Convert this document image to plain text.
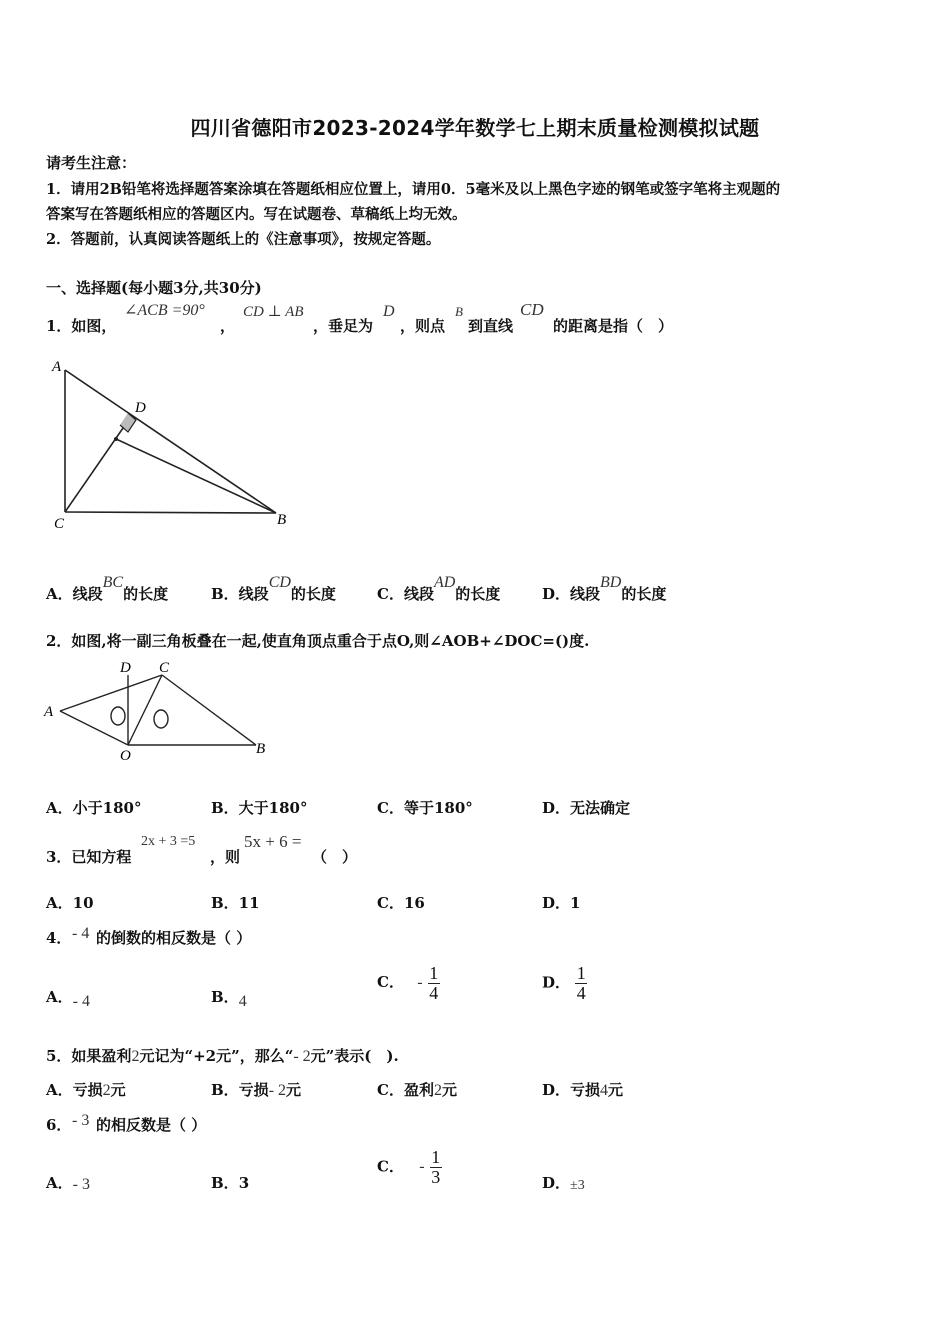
四川省德阳市2023-2024学年数学七上期末质量检测模拟试题
请考生注意：
1．请用2B铅笔将选择题答案涂填在答题纸相应位置上，请用0．5毫米及以上黑色字迹的钢笔或签字笔将主观题的
答案写在答题纸相应的答题区内。写在试题卷、草稿纸上均无效。
2．答题前，认真阅读答题纸上的《注意事项》，按规定答题。
一、选择题(每小题3分,共30分)
1．如图，
∠ACB =90°
，
CD ⊥ AB
，垂足为
D
，则点
B
到直线
CD
的距离是指（　）
A
D
C	B
A．线段BC的长度	B．线段CD的长度	C．线段AD的长度	D．线段BD的长度
2．如图,将一副三角板叠在一起,使直角顶点重合于点O,则∠AOB+∠DOC=()度.
A
D C
O	B
A．小于180°	B．大于180°	C．等于180°	D．无法确定
3．已知方程
2x + 3 =5
，则
5x + 6 =
（　）
A．10	B．11	C．16	D．1
4． - 4 的倒数的相反数是（ ）
A．- 4	B．4
C． - $\frac{1}{4}$	D． $\frac{1}{4}$
5．如果盈利2元记为“+2元”，那么“- 2元”表示(　).
A．亏损2元	B．亏损- 2元	C．盈利2元	D．亏损4元
6． - 3 的相反数是（ ）
A．- 3	B．3
C． - $\frac{1}{3}$	D．±3
